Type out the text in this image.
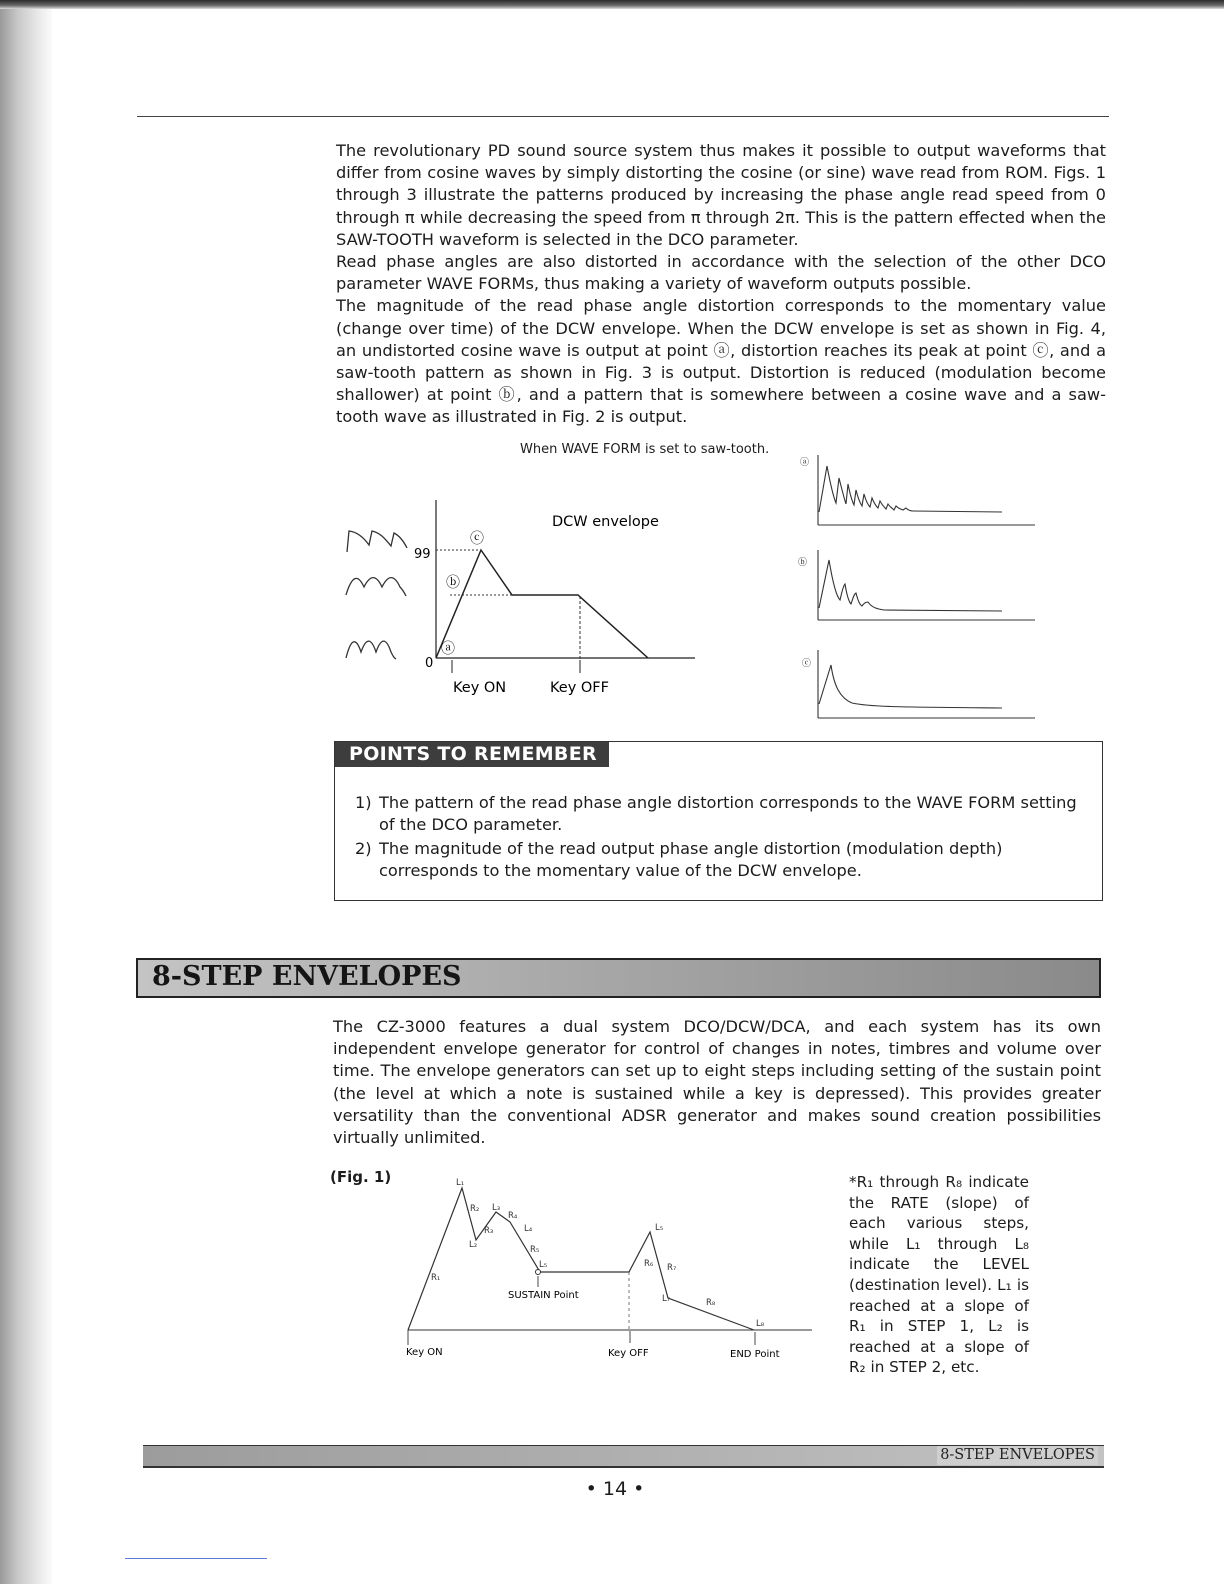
The revolutionary PD sound source system thus makes it possible to output waveforms that differ from cosine waves by simply distorting the cosine (or sine) wave read from ROM. Figs. 1 through 3 illustrate the patterns produced by increasing the phase angle read speed from 0 through π while decreasing the speed from π through 2π. This is the pattern effected when the SAW-TOOTH waveform is selected in the DCO parameter.

Read phase angles are also distorted in accordance with the selection of the other DCO parameter WAVE FORMs, thus making a variety of waveform outputs possible.

The magnitude of the read phase angle distortion corresponds to the momentary value (change over time) of the DCW envelope. When the DCW envelope is set as shown in Fig. 4, an undistorted cosine wave is output at point ⓐ, distortion reaches its peak at point ⓒ, and a saw-tooth pattern as shown in Fig. 3 is output. Distortion is reduced (modulation become shallower) at point ⓑ, and a pattern that is somewhere between a cosine wave and a saw-tooth wave as illustrated in Fig. 2 is output.

When WAVE FORM is set to saw-tooth.
99
0
DCW envelope
ⓒ
ⓑ
ⓐ
Key ON	Key OFF
ⓐ
ⓑ
ⓒ
POINTS TO REMEMBER
1) The pattern of the read phase angle distortion corresponds to the WAVE FORM setting of the DCO parameter.
2) The magnitude of the read output phase angle distortion (modulation depth) corresponds to the momentary value of the DCW envelope.
8-STEP ENVELOPES
The CZ-3000 features a dual system DCO/DCW/DCA, and each system has its own independent envelope generator for control of changes in notes, timbres and volume over time. The envelope generators can set up to eight steps including setting of the sustain point (the level at which a note is sustained while a key is depressed). This provides greater versatility than the conventional ADSR generator and makes sound creation possibilities virtually unlimited.
(Fig. 1)	L₁
R₂ L₃
R₄
R₃	L₄
L₂	R₅
L₅
R₁
L₅
R₆ R₇
L₇	R₈
L₈
SUSTAIN Point
Key ON	Key OFF	END Point
*R₁ through R₈ indicate the RATE (slope) of each various steps, while L₁ through L₈ indicate the LEVEL (destination level). L₁ is reached at a slope of R₁ in STEP 1, L₂ is reached at a slope of R₂ in STEP 2, etc.
8-STEP ENVELOPES
• 14 •
